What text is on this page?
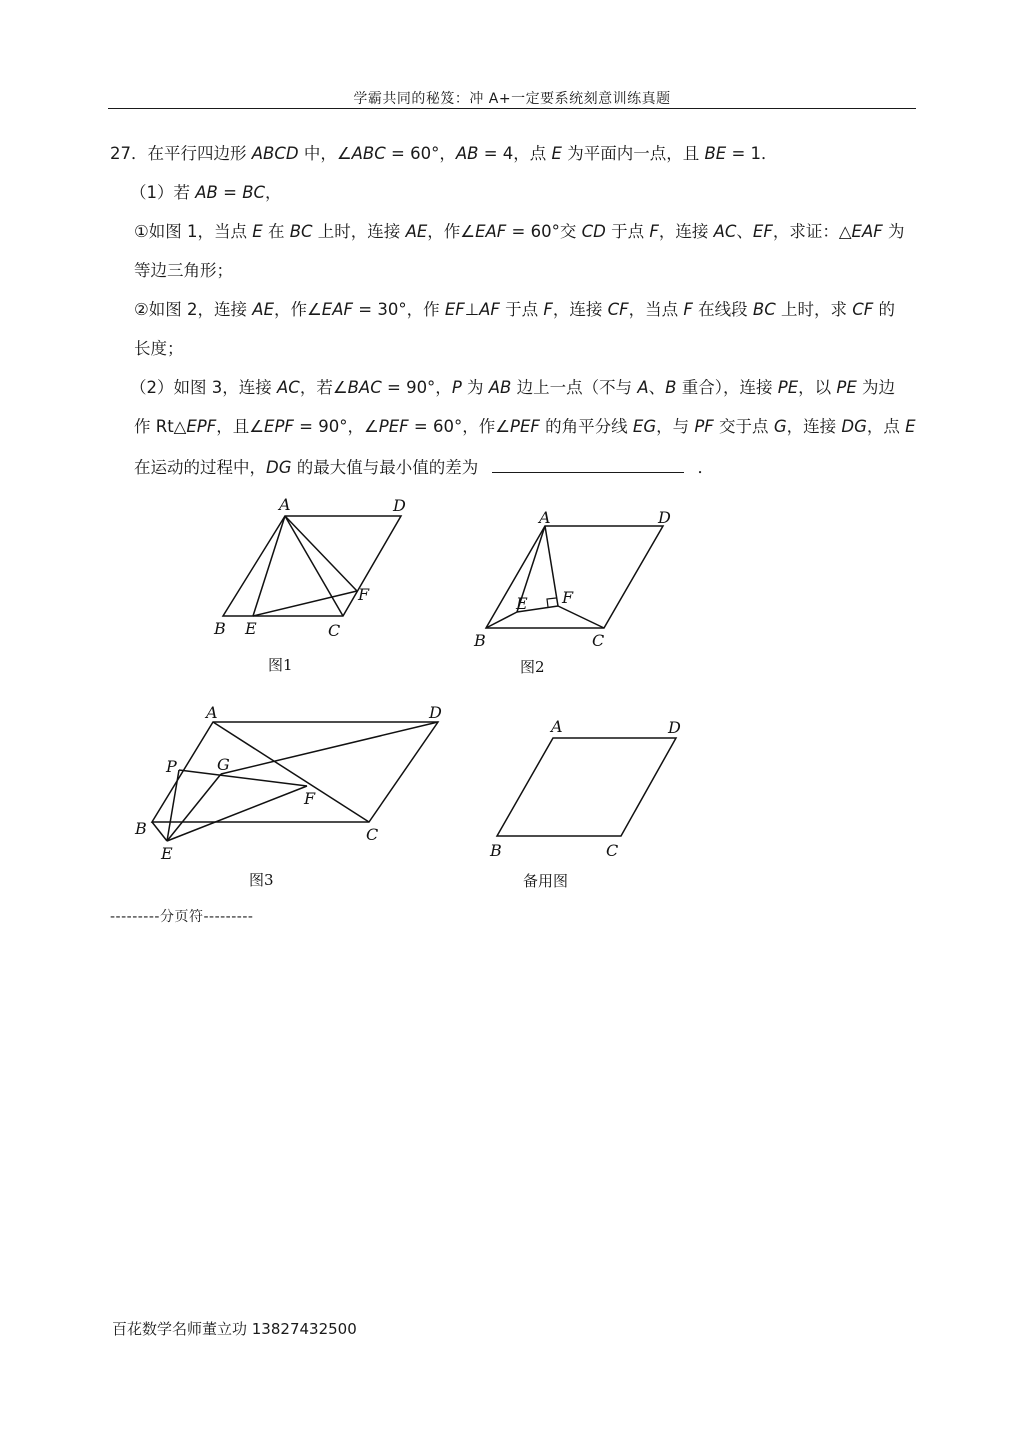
学霸共同的秘笈：冲 A+一定要系统刻意训练真题
27．在平行四边形 ABCD 中，∠ABC = 60°，AB = 4，点 E 为平面内一点，且 BE = 1．
（1）若 AB = BC，
①如图 1，当点 E 在 BC 上时，连接 AE，作∠EAF = 60°交 CD 于点 F，连接 AC、EF，求证：△EAF 为
等边三角形；
②如图 2，连接 AE，作∠EAF = 30°，作 EF⊥AF 于点 F，连接 CF，当点 F 在线段 BC 上时，求 CF 的
长度；
（2）如图 3，连接 AC，若∠BAC = 90°，P 为 AB 边上一点（不与 A、B 重合），连接 PE，以 PE 为边
作 Rt△EPF，且∠EPF = 90°，∠PEF = 60°，作∠PEF 的角平分线 EG，与 PF 交于点 G，连接 DG，点 E
在运动的过程中，DG 的最大值与最小值的差为	．
A	D
B E	C
F
图1
A	D
B
E F
C
图2
A	D
P	G
F
B
E
C
图3
A	D
B	C
备用图
---------分页符---------
百花数学名师董立功 13827432500
